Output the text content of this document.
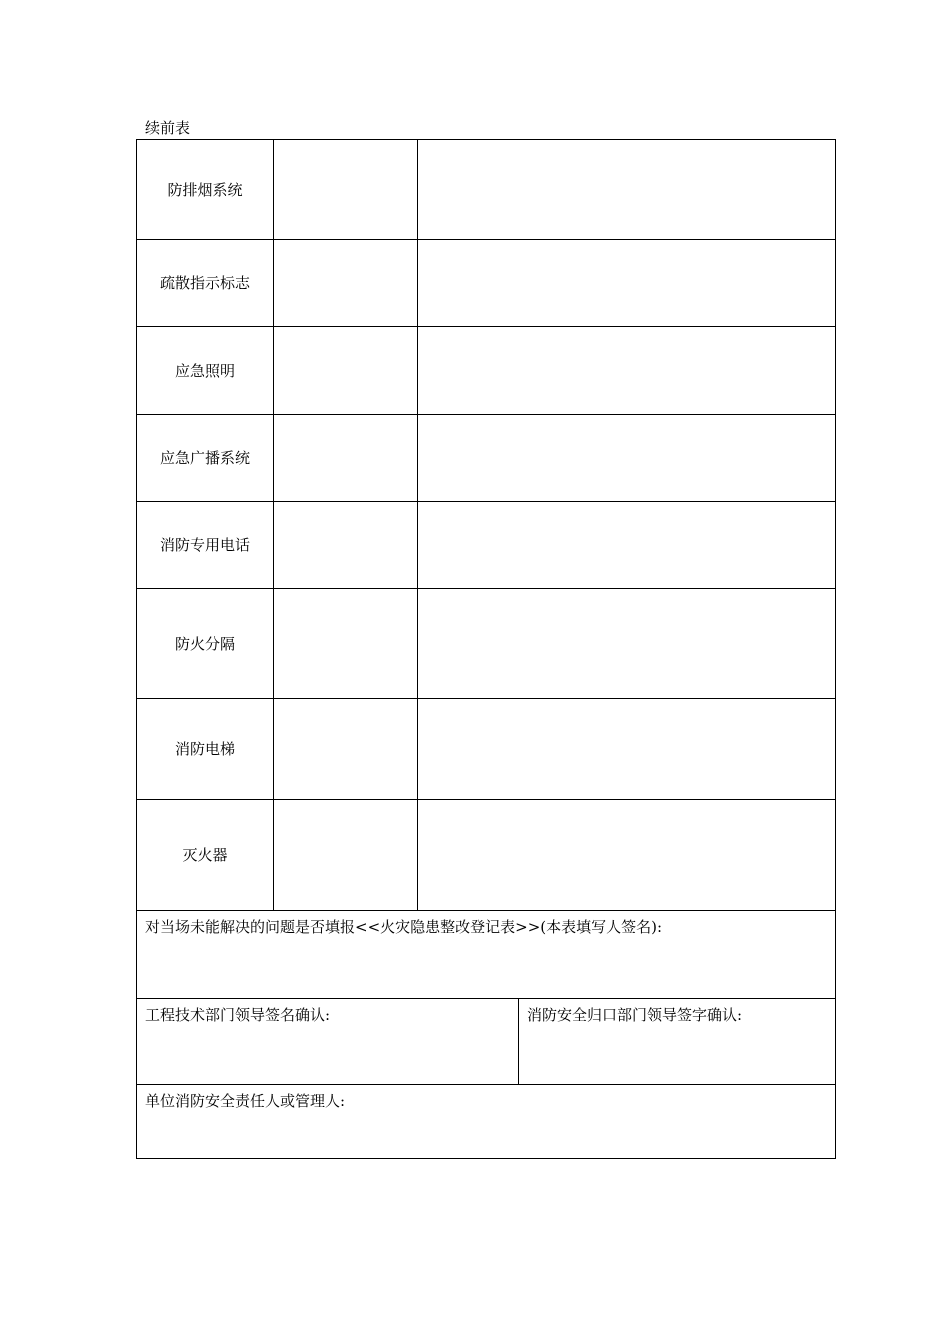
续前表
防排烟系统			
疏散指示标志			
应急照明			
应急广播系统			
消防专用电话			
防火分隔			
消防电梯			
灭火器			
对当场未能解决的问题是否填报<<火灾隐患整改登记表>>(本表填写人签名):			
工程技术部门领导签名确认:			消防安全归口部门领导签字确认:
单位消防安全责任人或管理人:			
